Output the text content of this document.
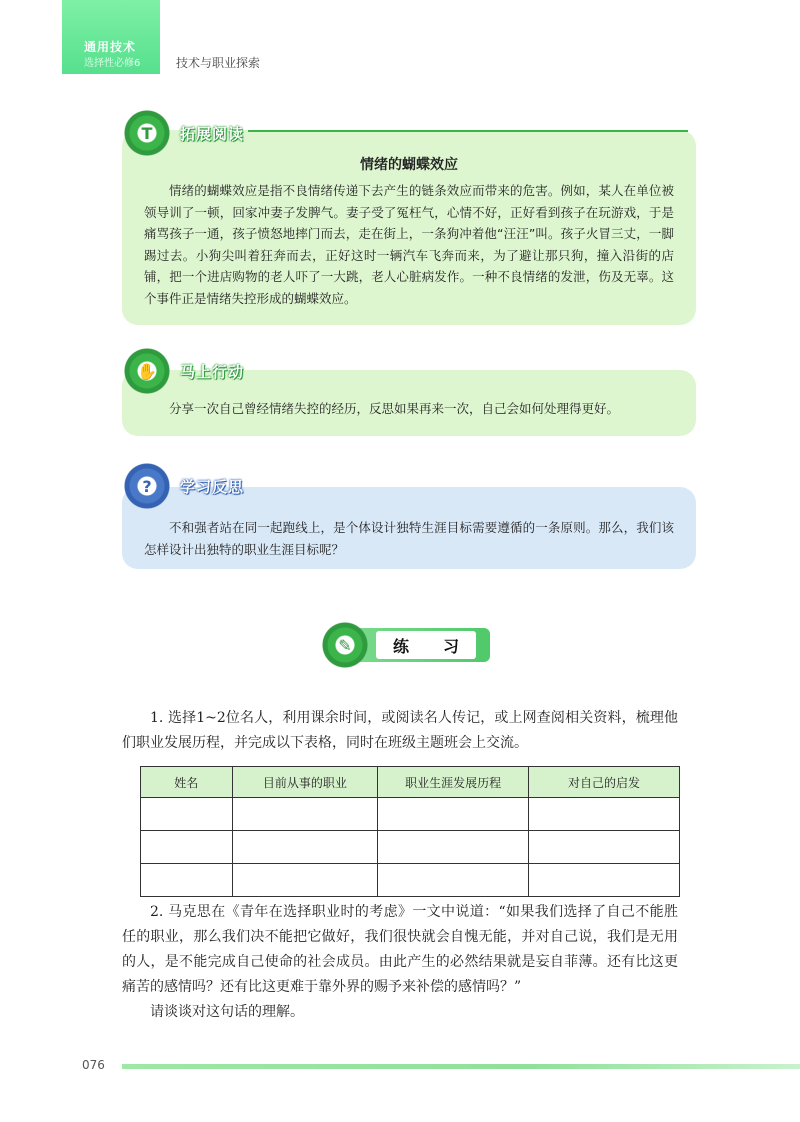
通用技术
选择性必修6	技术与职业探索
情绪的蝴蝶效应
情绪的蝴蝶效应是指不良情绪传递下去产生的链条效应而带来的危害。例如，某人在单位被领导训了一顿，回家冲妻子发脾气。妻子受了冤枉气，心情不好，正好看到孩子在玩游戏，于是痛骂孩子一通，孩子愤怒地摔门而去，走在街上，一条狗冲着他“汪汪”叫。孩子火冒三丈，一脚踢过去。小狗尖叫着狂奔而去，正好这时一辆汽车飞奔而来，为了避让那只狗，撞入沿街的店铺，把一个进店购物的老人吓了一大跳，老人心脏病发作。一种不良情绪的发泄，伤及无辜。这个事件正是情绪失控形成的蝴蝶效应。
T	拓展阅读
分享一次自己曾经情绪失控的经历，反思如果再来一次，自己会如何处理得更好。
✋	马上行动
不和强者站在同一起跑线上，是个体设计独特生涯目标需要遵循的一条原则。那么，我们该怎样设计出独特的职业生涯目标呢？
?	学习反思
✎	练 习

1. 选择1~2位名人，利用课余时间，或阅读名人传记，或上网查阅相关资料，梳理他们职业发展历程，并完成以下表格，同时在班级主题班会上交流。

姓名	目前从事的职业	职业生涯发展历程	对自己的启发

2. 马克思在《青年在选择职业时的考虑》一文中说道：“如果我们选择了自己不能胜任的职业，那么我们决不能把它做好，我们很快就会自愧无能，并对自己说，我们是无用的人，是不能完成自己使命的社会成员。由此产生的必然结果就是妄自菲薄。还有比这更痛苦的感情吗？还有比这更难于靠外界的赐予来补偿的感情吗？”

请谈谈对这句话的理解。

076
